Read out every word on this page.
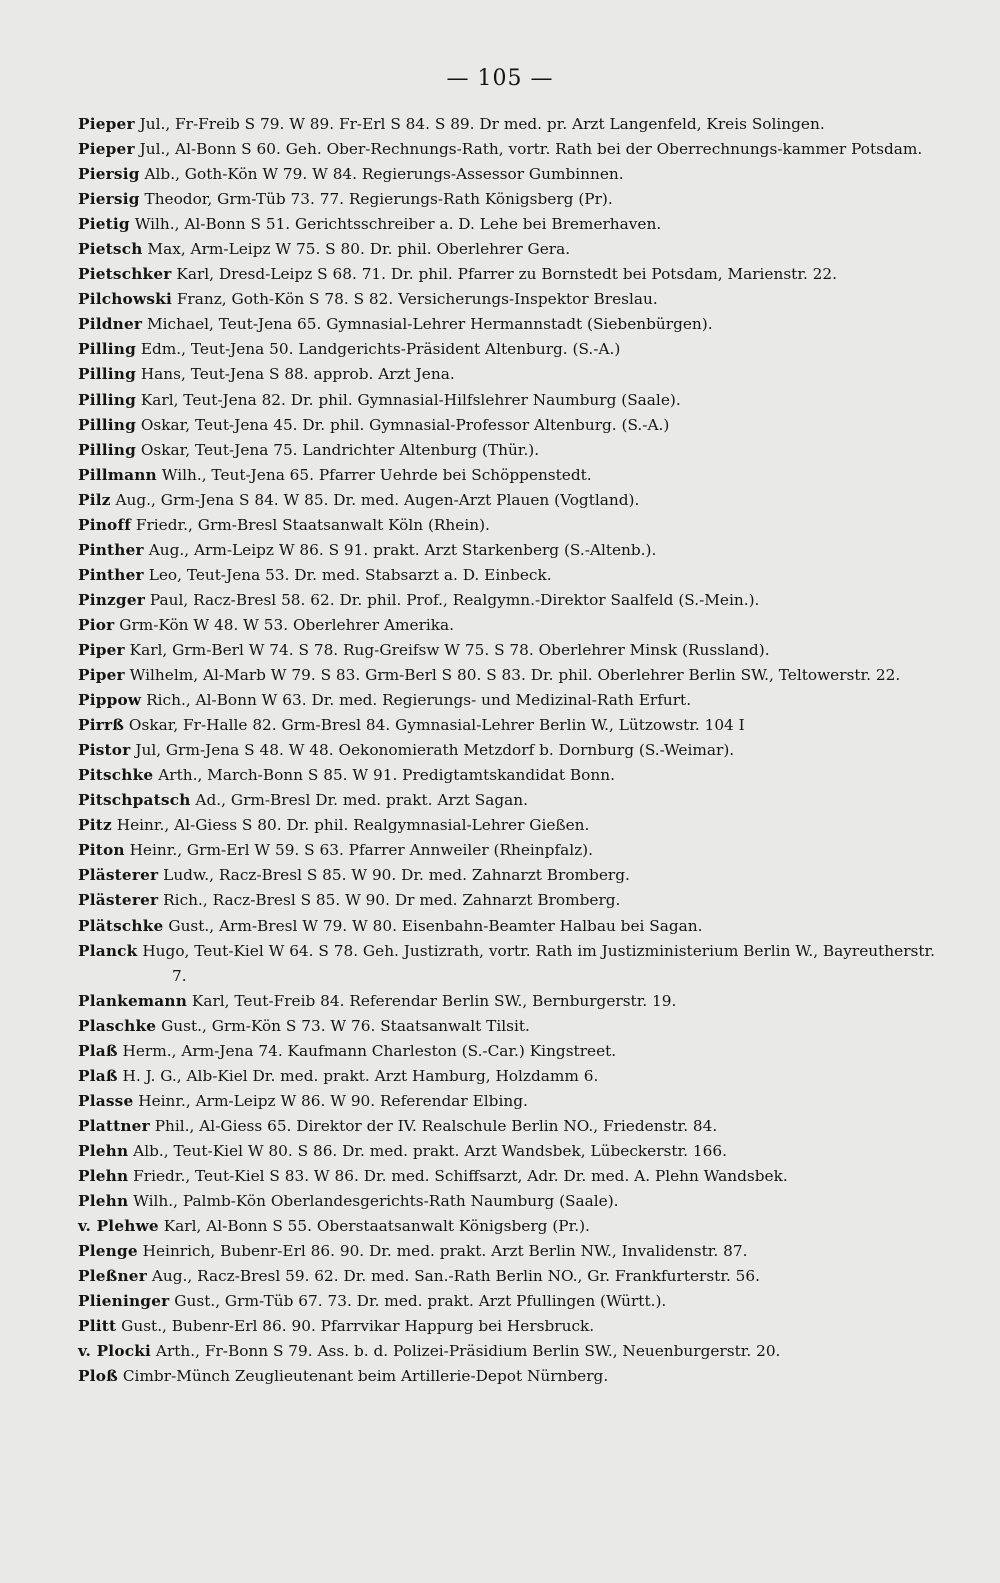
— 105 —
Pieper Jul., Fr-Freib S 79. W 89. Fr-Erl S 84. S 89. Dr med. pr. Arzt Langenfeld, Kreis Solingen.
Pieper Jul., Al-Bonn S 60. Geh. Ober-Rechnungs-Rath, vortr. Rath bei der Oberrechnungs-kammer Potsdam.
Piersig Alb., Goth-Kön W 79. W 84. Regierungs-Assessor Gumbinnen.
Piersig Theodor, Grm-Tüb 73. 77. Regierungs-Rath Königsberg (Pr).
Pietig Wilh., Al-Bonn S 51. Gerichtsschreiber a. D. Lehe bei Bremerhaven.
Pietsch Max, Arm-Leipz W 75. S 80. Dr. phil. Oberlehrer Gera.
Pietschker Karl, Dresd-Leipz S 68. 71. Dr. phil. Pfarrer zu Bornstedt bei Potsdam, Marienstr. 22.
Pilchowski Franz, Goth-Kön S 78. S 82. Versicherungs-Inspektor Breslau.
Pildner Michael, Teut-Jena 65. Gymnasial-Lehrer Hermannstadt (Siebenbürgen).
Pilling Edm., Teut-Jena 50. Landgerichts-Präsident Altenburg. (S.-A.)
Pilling Hans, Teut-Jena S 88. approb. Arzt Jena.
Pilling Karl, Teut-Jena 82. Dr. phil. Gymnasial-Hilfslehrer Naumburg (Saale).
Pilling Oskar, Teut-Jena 45. Dr. phil. Gymnasial-Professor Altenburg. (S.-A.)
Pilling Oskar, Teut-Jena 75. Landrichter Altenburg (Thür.).
Pillmann Wilh., Teut-Jena 65. Pfarrer Uehrde bei Schöppenstedt.
Pilz Aug., Grm-Jena S 84. W 85. Dr. med. Augen-Arzt Plauen (Vogtland).
Pinoff Friedr., Grm-Bresl Staatsanwalt Köln (Rhein).
Pinther Aug., Arm-Leipz W 86. S 91. prakt. Arzt Starkenberg (S.-Altenb.).
Pinther Leo, Teut-Jena 53. Dr. med. Stabsarzt a. D. Einbeck.
Pinzger Paul, Racz-Bresl 58. 62. Dr. phil. Prof., Realgymn.-Direktor Saalfeld (S.-Mein.).
Pior Grm-Kön W 48. W 53. Oberlehrer Amerika.
Piper Karl, Grm-Berl W 74. S 78. Rug-Greifsw W 75. S 78. Oberlehrer Minsk (Russland).
Piper Wilhelm, Al-Marb W 79. S 83. Grm-Berl S 80. S 83. Dr. phil. Oberlehrer Berlin SW., Teltowerstr. 22.
Pippow Rich., Al-Bonn W 63. Dr. med. Regierungs- und Medizinal-Rath Erfurt.
Pirrß Oskar, Fr-Halle 82. Grm-Bresl 84. Gymnasial-Lehrer Berlin W., Lützowstr. 104 I
Pistor Jul, Grm-Jena S 48. W 48. Oekonomierath Metzdorf b. Dornburg (S.-Weimar).
Pitschke Arth., March-Bonn S 85. W 91. Predigtamtskandidat Bonn.
Pitschpatsch Ad., Grm-Bresl Dr. med. prakt. Arzt Sagan.
Pitz Heinr., Al-Giess S 80. Dr. phil. Realgymnasial-Lehrer Gießen.
Piton Heinr., Grm-Erl W 59. S 63. Pfarrer Annweiler (Rheinpfalz).
Plästerer Ludw., Racz-Bresl S 85. W 90. Dr. med. Zahnarzt Bromberg.
Plästerer Rich., Racz-Bresl S 85. W 90. Dr med. Zahnarzt Bromberg.
Plätschke Gust., Arm-Bresl W 79. W 80. Eisenbahn-Beamter Halbau bei Sagan.
Planck Hugo, Teut-Kiel W 64. S 78. Geh. Justizrath, vortr. Rath im Justizministerium Berlin W., Bayreutherstr. 7.
Plankemann Karl, Teut-Freib 84. Referendar Berlin SW., Bernburgerstr. 19.
Plaschke Gust., Grm-Kön S 73. W 76. Staatsanwalt Tilsit.
Plaß Herm., Arm-Jena 74. Kaufmann Charleston (S.-Car.) Kingstreet.
Plaß H. J. G., Alb-Kiel Dr. med. prakt. Arzt Hamburg, Holzdamm 6.
Plasse Heinr., Arm-Leipz W 86. W 90. Referendar Elbing.
Plattner Phil., Al-Giess 65. Direktor der IV. Realschule Berlin NO., Friedenstr. 84.
Plehn Alb., Teut-Kiel W 80. S 86. Dr. med. prakt. Arzt Wandsbek, Lübeckerstr. 166.
Plehn Friedr., Teut-Kiel S 83. W 86. Dr. med. Schiffsarzt, Adr. Dr. med. A. Plehn Wandsbek.
Plehn Wilh., Palmb-Kön Oberlandesgerichts-Rath Naumburg (Saale).
v. Plehwe Karl, Al-Bonn S 55. Oberstaatsanwalt Königsberg (Pr.).
Plenge Heinrich, Bubenr-Erl 86. 90. Dr. med. prakt. Arzt Berlin NW., Invalidenstr. 87.
Pleßner Aug., Racz-Bresl 59. 62. Dr. med. San.-Rath Berlin NO., Gr. Frankfurterstr. 56.
Plieninger Gust., Grm-Tüb 67. 73. Dr. med. prakt. Arzt Pfullingen (Württ.).
Plitt Gust., Bubenr-Erl 86. 90. Pfarrvikar Happurg bei Hersbruck.
v. Plocki Arth., Fr-Bonn S 79. Ass. b. d. Polizei-Präsidium Berlin SW., Neuenburgerstr. 20.
Ploß Cimbr-Münch Zeuglieutenant beim Artillerie-Depot Nürnberg.
